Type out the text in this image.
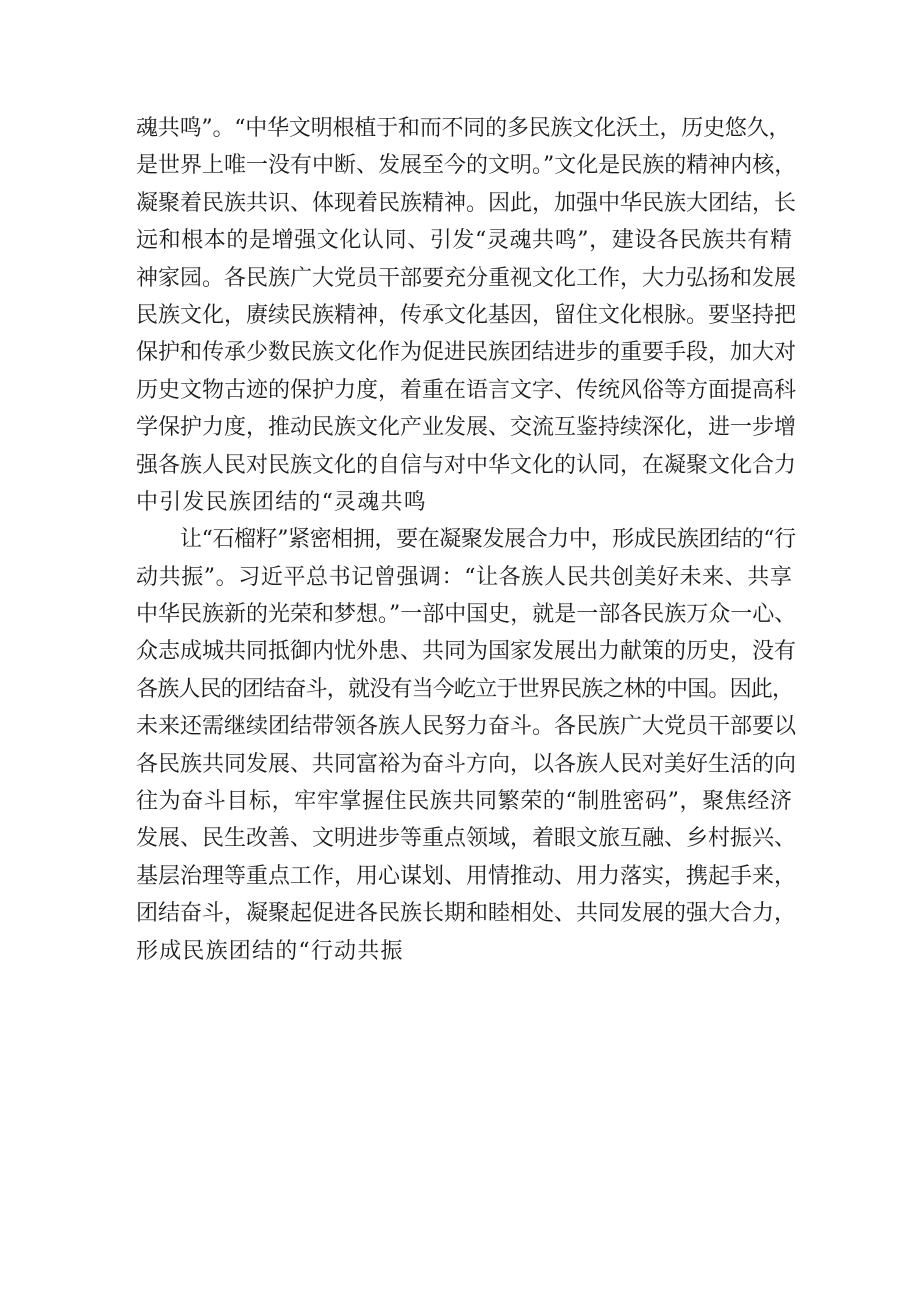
魂共鸣”。“中华文明根植于和而不同的多民族文化沃土，历史悠久，
是世界上唯一没有中断、发展至今的文明。”文化是民族的精神内核，
凝聚着民族共识、体现着民族精神。因此，加强中华民族大团结，长
远和根本的是增强文化认同、引发“灵魂共鸣”，建设各民族共有精
神家园。各民族广大党员干部要充分重视文化工作，大力弘扬和发展
民族文化，赓续民族精神，传承文化基因，留住文化根脉。要坚持把
保护和传承少数民族文化作为促进民族团结进步的重要手段，加大对
历史文物古迹的保护力度，着重在语言文字、传统风俗等方面提高科
学保护力度，推动民族文化产业发展、交流互鉴持续深化，进一步增
强各族人民对民族文化的自信与对中华文化的认同，在凝聚文化合力
中引发民族团结的“灵魂共鸣
让“石榴籽”紧密相拥，要在凝聚发展合力中，形成民族团结的“行
动共振”。习近平总书记曾强调：“让各族人民共创美好未来、共享
中华民族新的光荣和梦想。”一部中国史，就是一部各民族万众一心、
众志成城共同抵御内忧外患、共同为国家发展出力献策的历史，没有
各族人民的团结奋斗，就没有当今屹立于世界民族之林的中国。因此，
未来还需继续团结带领各族人民努力奋斗。各民族广大党员干部要以
各民族共同发展、共同富裕为奋斗方向，以各族人民对美好生活的向
往为奋斗目标，牢牢掌握住民族共同繁荣的“制胜密码”，聚焦经济
发展、民生改善、文明进步等重点领域，着眼文旅互融、乡村振兴、
基层治理等重点工作，用心谋划、用情推动、用力落实，携起手来，
团结奋斗，凝聚起促进各民族长期和睦相处、共同发展的强大合力，
形成民族团结的“行动共振
